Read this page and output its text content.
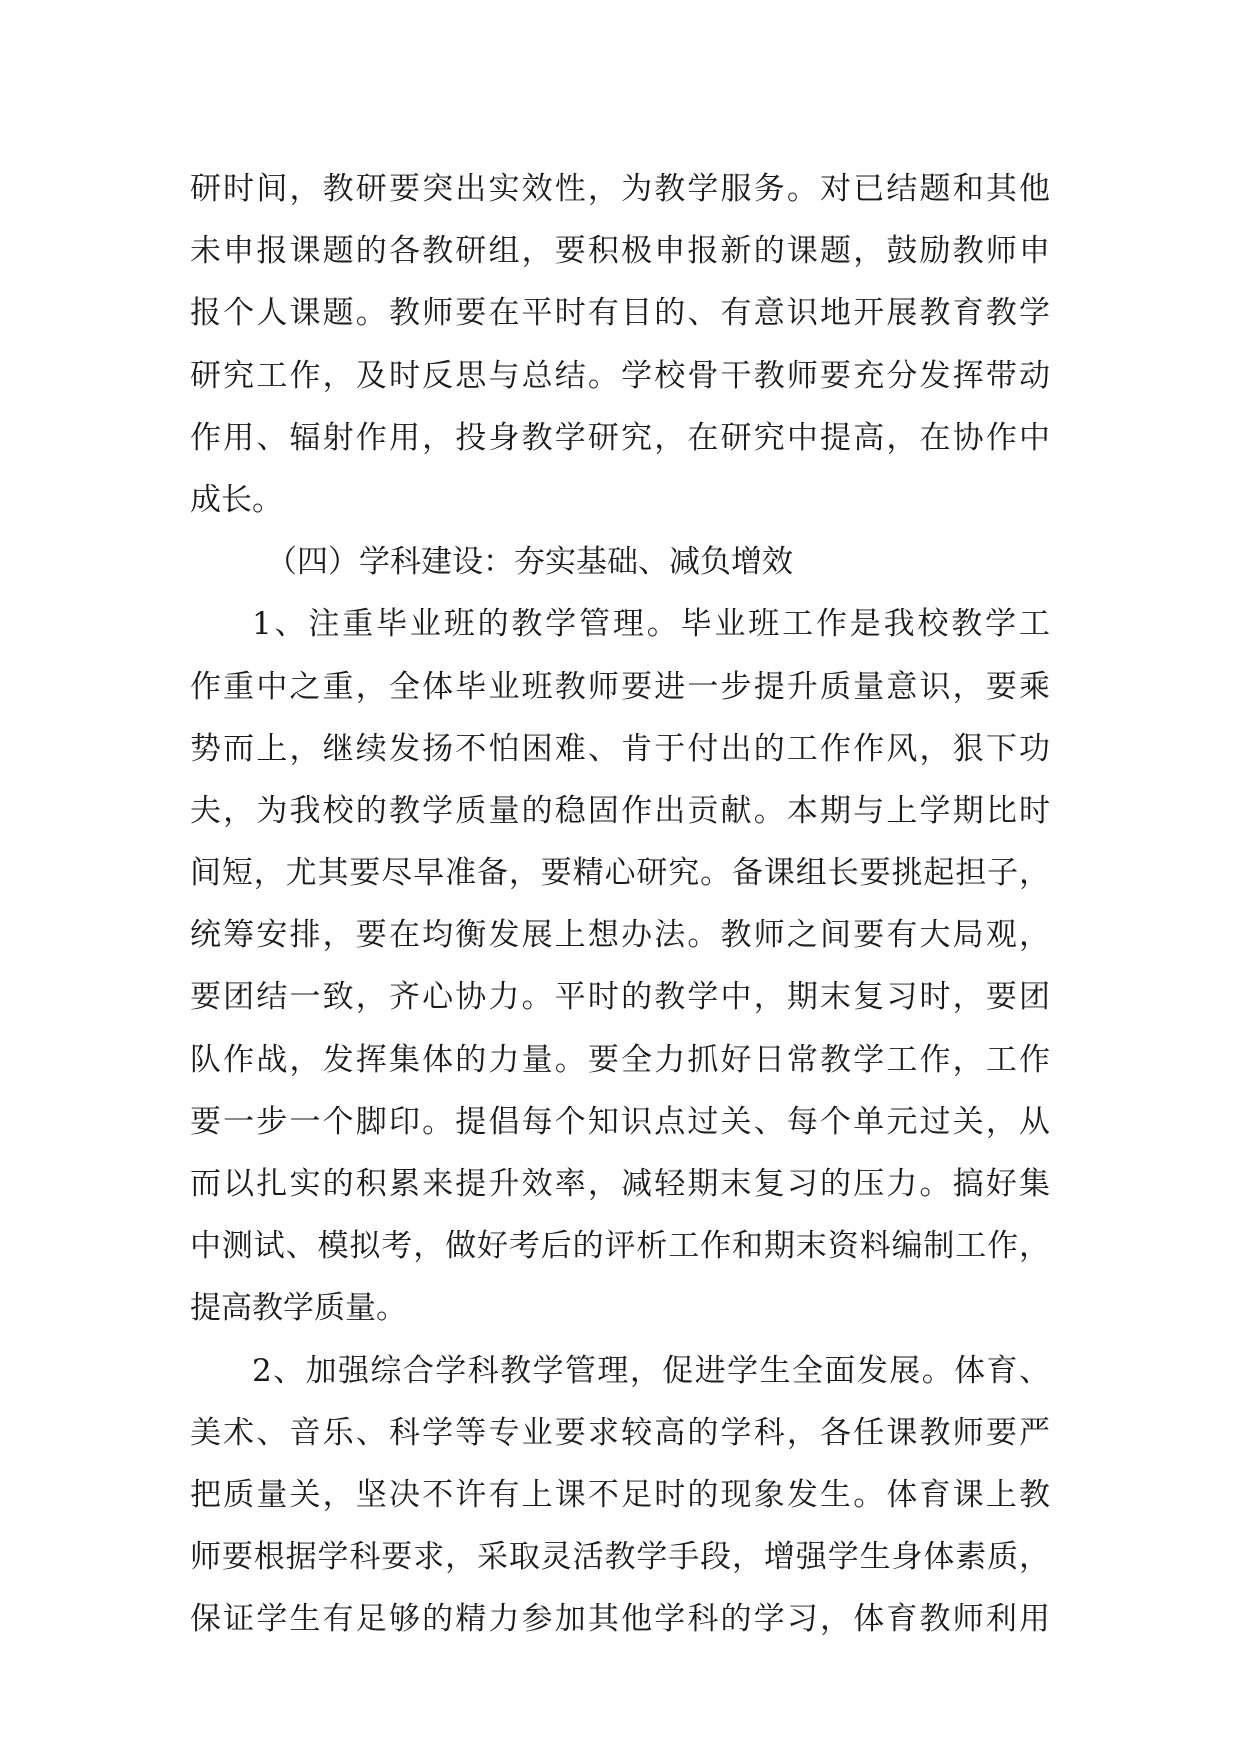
研时间，教研要突出实效性，为教学服务。对已结题和其他
未申报课题的各教研组，要积极申报新的课题，鼓励教师申
报个人课题。教师要在平时有目的、有意识地开展教育教学
研究工作，及时反思与总结。学校骨干教师要充分发挥带动
作用、辐射作用，投身教学研究，在研究中提高，在协作中
成长。
（四）学科建设：夯实基础、减负增效
1、注重毕业班的教学管理。毕业班工作是我校教学工
作重中之重，全体毕业班教师要进一步提升质量意识，要乘
势而上，继续发扬不怕困难、肯于付出的工作作风，狠下功
夫，为我校的教学质量的稳固作出贡献。本期与上学期比时
间短，尤其要尽早准备，要精心研究。备课组长要挑起担子，
统筹安排，要在均衡发展上想办法。教师之间要有大局观，
要团结一致，齐心协力。平时的教学中，期末复习时，要团
队作战，发挥集体的力量。要全力抓好日常教学工作，工作
要一步一个脚印。提倡每个知识点过关、每个单元过关，从
而以扎实的积累来提升效率，减轻期末复习的压力。搞好集
中测试、模拟考，做好考后的评析工作和期末资料编制工作，
提高教学质量。
2、加强综合学科教学管理，促进学生全面发展。体育、
美术、音乐、科学等专业要求较高的学科，各任课教师要严
把质量关，坚决不许有上课不足时的现象发生。体育课上教
师要根据学科要求，采取灵活教学手段，增强学生身体素质，
保证学生有足够的精力参加其他学科的学习，体育教师利用
